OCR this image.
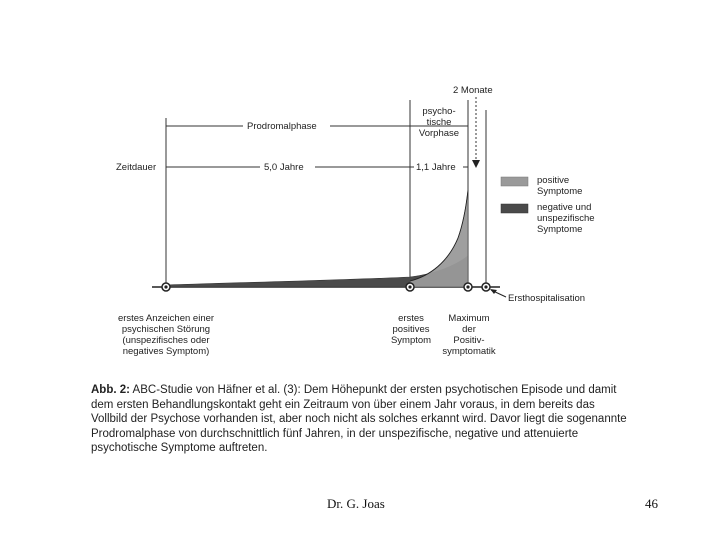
2 Monate
psycho-
tische
Vorphase
Prodromalphase
Zeitdauer	5,0 Jahre	1,1 Jahre
positive
Symptome
negative und
unspezifische
Symptome
Ersthospitalisation
erstes Anzeichen einer
psychischen Störung
(unspezifisches oder
negatives Symptom)
erstes
positives
Symptom
Maximum
der
Positiv-
symptomatik
Abb. 2: ABC-Studie von Häfner et al. (3): Dem Höhepunkt der ersten psychotischen Episode und damit dem ersten Behandlungskontakt geht ein Zeitraum von über einem Jahr voraus, in dem bereits das Vollbild der Psychose vorhanden ist, aber noch nicht als solches erkannt wird. Davor liegt die sogenannte Prodromalphase von durchschnittlich fünf Jahren, in der unspezifische, negative und attenuierte psychotische Symptome auftreten.
Dr. G. Joas	46
